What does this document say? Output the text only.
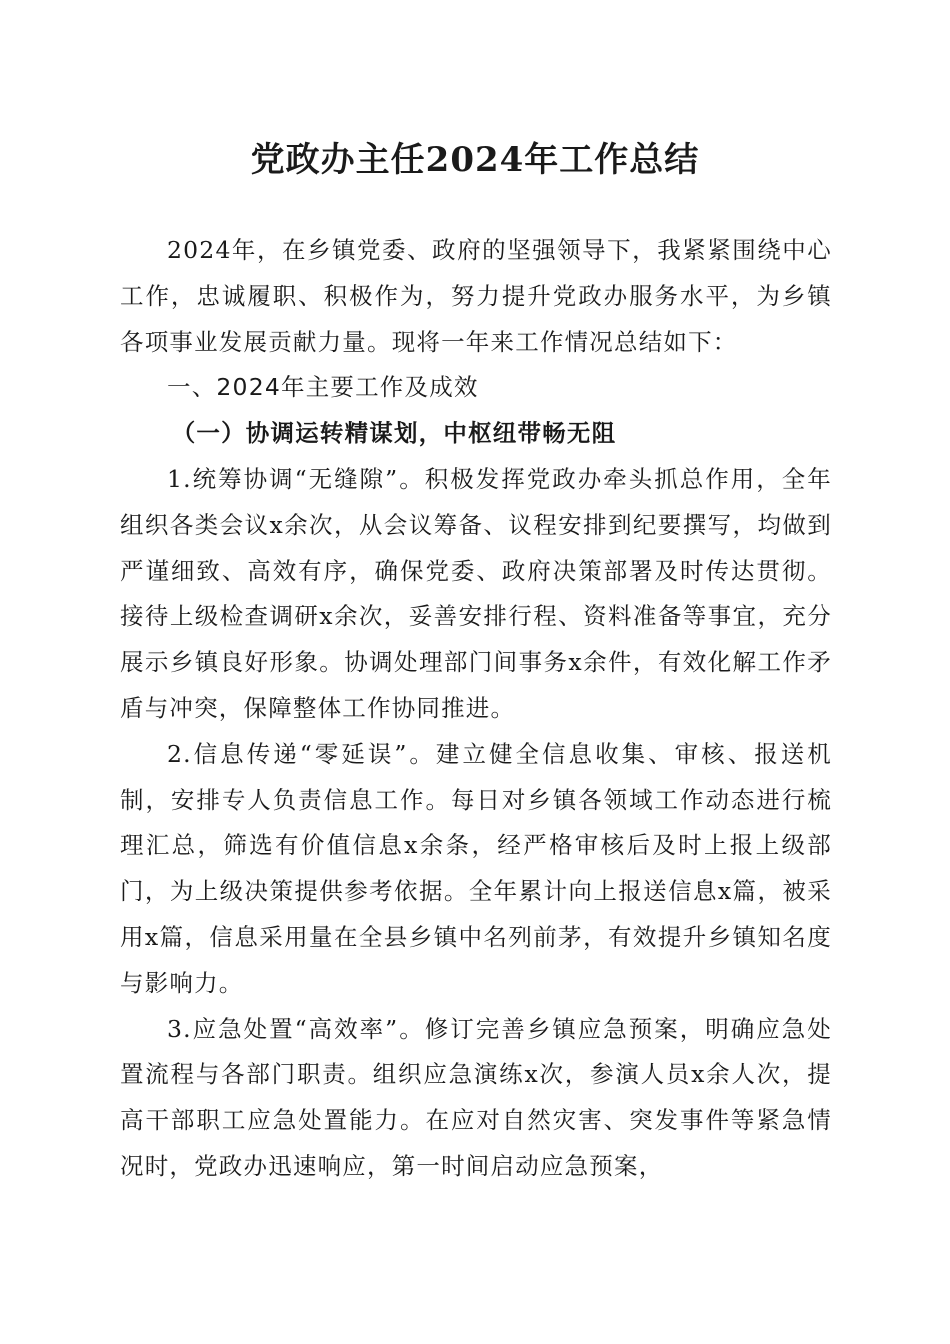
党政办主任2024年工作总结

2024年，在乡镇党委、政府的坚强领导下，我紧紧围绕中心工作，忠诚履职、积极作为，努力提升党政办服务水平，为乡镇各项事业发展贡献力量。现将一年来工作情况总结如下：

一、2024年主要工作及成效

（一）协调运转精谋划，中枢纽带畅无阻

1.统筹协调“无缝隙”。积极发挥党政办牵头抓总作用，全年组织各类会议x余次，从会议筹备、议程安排到纪要撰写，均做到严谨细致、高效有序，确保党委、政府决策部署及时传达贯彻。接待上级检查调研x余次，妥善安排行程、资料准备等事宜，充分展示乡镇良好形象。协调处理部门间事务x余件，有效化解工作矛盾与冲突，保障整体工作协同推进。

2.信息传递“零延误”。建立健全信息收集、审核、报送机制，安排专人负责信息工作。每日对乡镇各领域工作动态进行梳理汇总，筛选有价值信息x余条，经严格审核后及时上报上级部门，为上级决策提供参考依据。全年累计向上报送信息x篇，被采用x篇，信息采用量在全县乡镇中名列前茅，有效提升乡镇知名度与影响力。

3.应急处置“高效率”。修订完善乡镇应急预案，明确应急处置流程与各部门职责。组织应急演练x次，参演人员x余人次，提高干部职工应急处置能力。在应对自然灾害、突发事件等紧急情况时，党政办迅速响应，第一时间启动应急预案，
